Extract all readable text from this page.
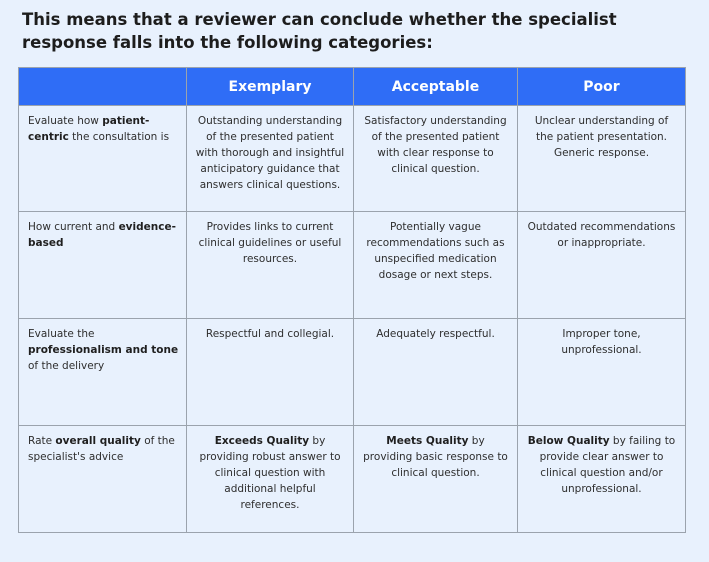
This means that a reviewer can conclude whether the specialist response falls into the following categories:
	Exemplary	Acceptable	Poor
Evaluate how patient-centric the consultation is	Outstanding understanding of the presented patient with thorough and insightful anticipatory guidance that answers clinical questions.	Satisfactory understanding of the presented patient with clear response to clinical question.	Unclear understanding of the patient presentation. Generic response.
How current and evidence-based	Provides links to current clinical guidelines or useful resources.	Potentially vague recommendations such as unspecified medication dosage or next steps.	Outdated recommendations or inappropriate.
Evaluate the professionalism and tone of the delivery	Respectful and collegial.	Adequately respectful.	Improper tone, unprofessional.
Rate overall quality of the specialist's advice	Exceeds Quality by providing robust answer to clinical question with additional helpful references.	Meets Quality by providing basic response to clinical question.	Below Quality by failing to provide clear answer to clinical question and/or unprofessional.
